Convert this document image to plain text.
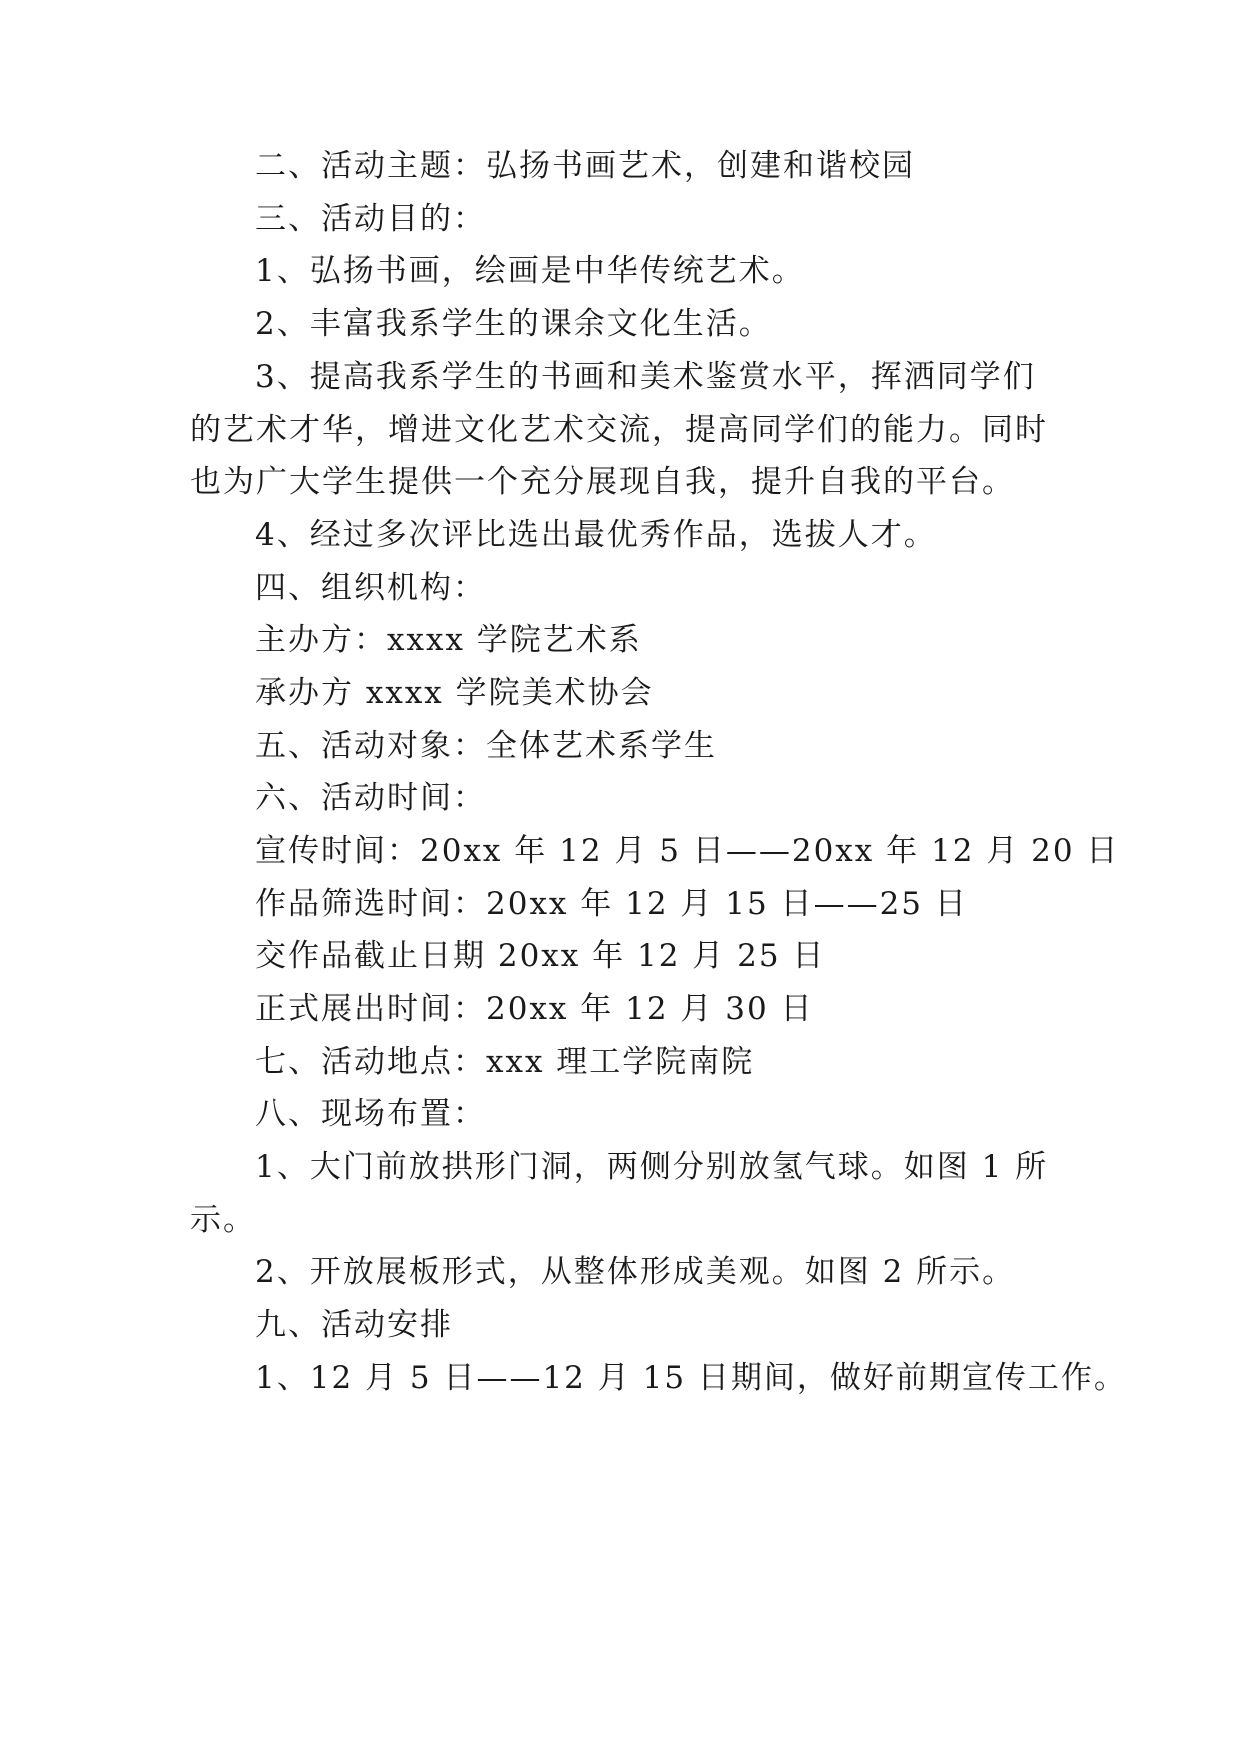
二、活动主题：弘扬书画艺术，创建和谐校园
三、活动目的：
1、弘扬书画，绘画是中华传统艺术。
2、丰富我系学生的课余文化生活。
3、提高我系学生的书画和美术鉴赏水平，挥洒同学们
的艺术才华，增进文化艺术交流，提高同学们的能力。同时
也为广大学生提供一个充分展现自我，提升自我的平台。
4、经过多次评比选出最优秀作品，选拔人才。
四、组织机构：
主办方：xxxx 学院艺术系
承办方 xxxx 学院美术协会
五、活动对象：全体艺术系学生
六、活动时间：
宣传时间：20xx 年 12 月 5 日——20xx 年 12 月 20 日
作品筛选时间：20xx 年 12 月 15 日——25 日
交作品截止日期 20xx 年 12 月 25 日
正式展出时间：20xx 年 12 月 30 日
七、活动地点：xxx 理工学院南院
八、现场布置：
1、大门前放拱形门洞，两侧分别放氢气球。如图 1 所
示。
2、开放展板形式，从整体形成美观。如图 2 所示。
九、活动安排
1、12 月 5 日——12 月 15 日期间，做好前期宣传工作。
